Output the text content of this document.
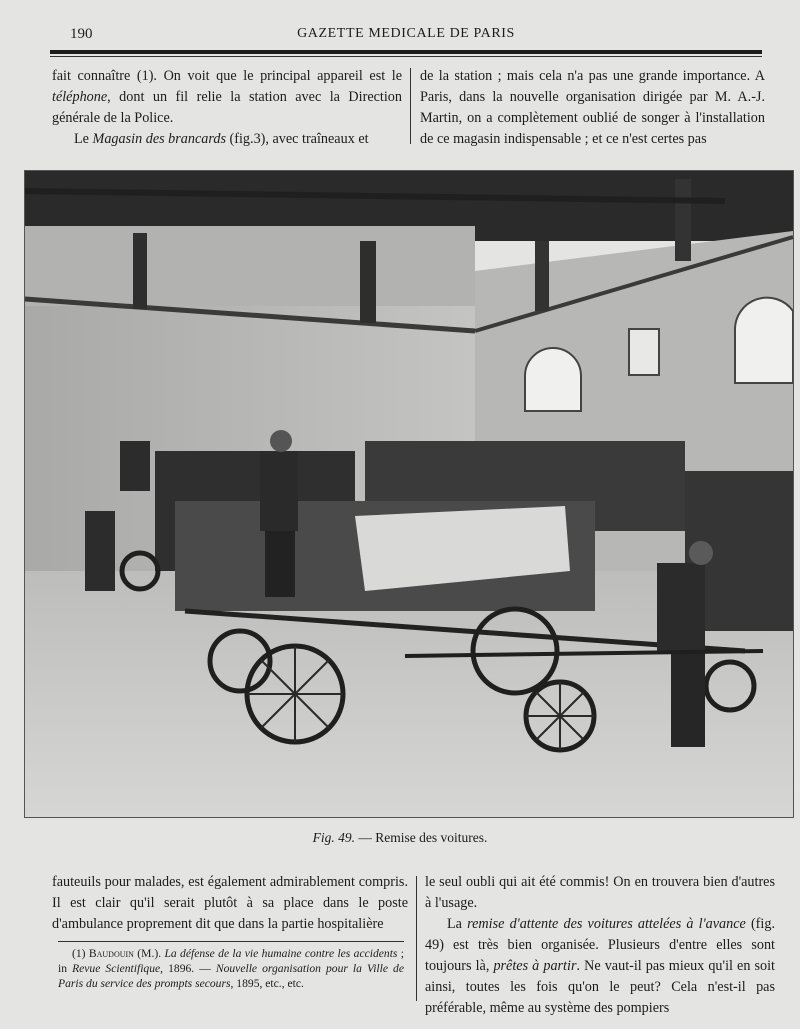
190	GAZETTE MEDICALE DE PARIS

fait connaître (1). On voit que le principal appareil est le téléphone, dont un fil relie la station avec la Direction générale de la Police.

Le Magasin des brancards (fig.3), avec traîneaux et

de la station ; mais cela n'a pas une grande importance. A Paris, dans la nouvelle organisation dirigée par M. A.-J. Martin, on a complètement oublié de songer à l'installation de ce magasin indispensable ; et ce n'est certes pas

Fig. 49. — Remise des voitures.

fauteuils pour malades, est également admirablement compris. Il est clair qu'il serait plutôt à sa place dans le poste d'ambulance proprement dit que dans la partie hospitalière

(1) Baudouin (M.). La défense de la vie humaine contre les accidents ; in Revue Scientifique, 1896. — Nouvelle organisation pour la Ville de Paris du service des prompts secours, 1895, etc., etc.

le seul oubli qui ait été commis! On en trouvera bien d'autres à l'usage.

La remise d'attente des voitures attelées à l'avance (fig. 49) est très bien organisée. Plusieurs d'entre elles sont toujours là, prêtes à partir. Ne vaut-il pas mieux qu'il en soit ainsi, toutes les fois qu'on le peut? Cela n'est-il pas préférable, même au système des pompiers
